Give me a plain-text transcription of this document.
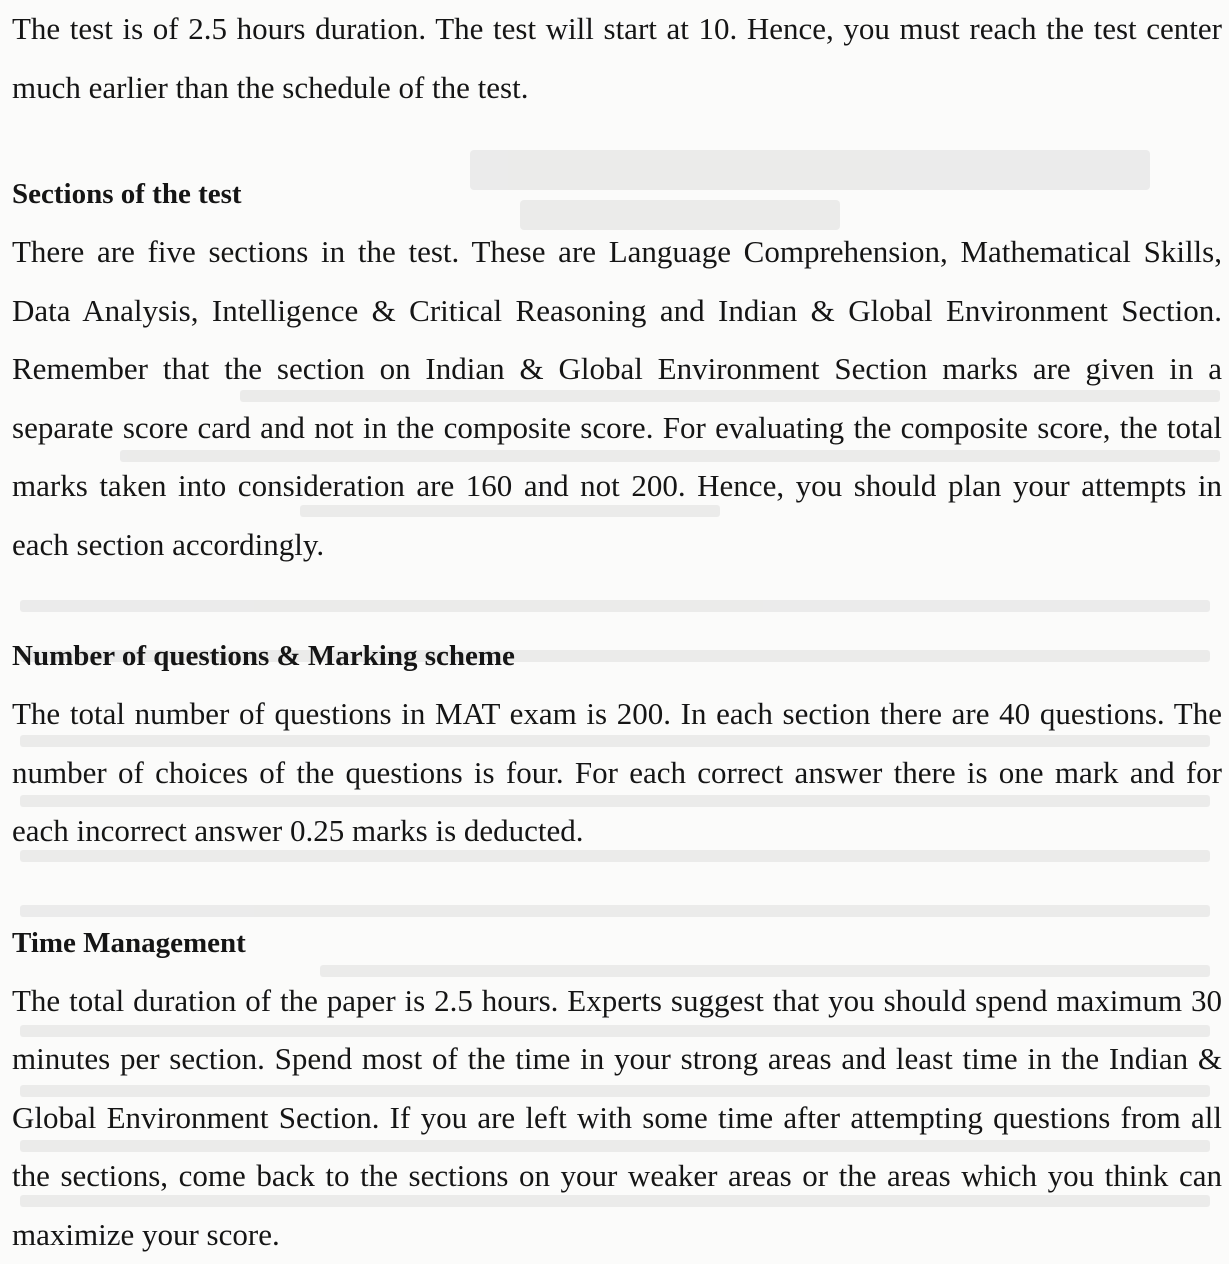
The test is of 2.5 hours duration. The test will start at 10. Hence, you must reach the test center much earlier than the schedule of the test.

Sections of the test

There are five sections in the test. These are Language Comprehension, Mathematical Skills, Data Analysis, Intelligence & Critical Reasoning and Indian & Global Environment Section. Remember that the section on Indian & Global Environment Section marks are given in a separate score card and not in the composite score. For evaluating the composite score, the total marks taken into consideration are 160 and not 200. Hence, you should plan your attempts in each section accordingly.

Number of questions & Marking scheme

The total number of questions in MAT exam is 200. In each section there are 40 questions. The number of choices of the questions is four. For each correct answer there is one mark and for each incorrect answer 0.25 marks is deducted.

Time Management

The total duration of the paper is 2.5 hours. Experts suggest that you should spend maximum 30 minutes per section. Spend most of the time in your strong areas and least time in the Indian & Global Environment Section. If you are left with some time after attempting questions from all the sections, come back to the sections on your weaker areas or the areas which you think can maximize your score.
